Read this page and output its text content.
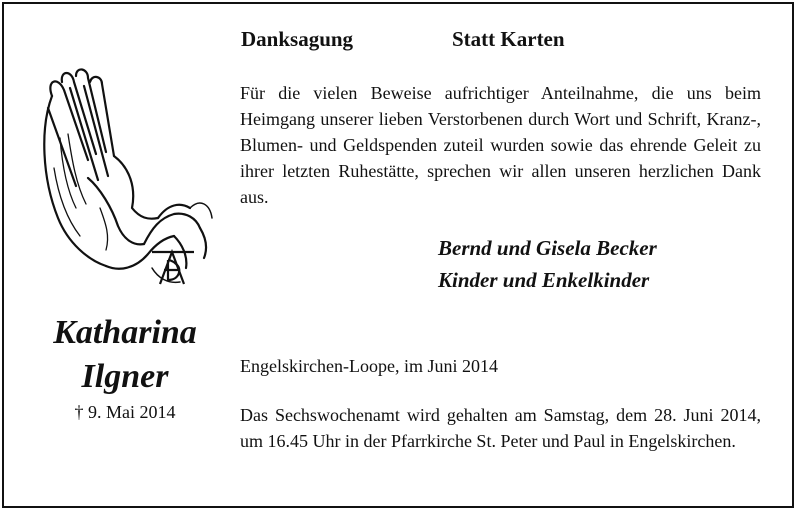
AD
Katharina
Ilgner
† 9. Mai 2014
Danksagung	Statt Karten
Für die vielen Beweise aufrichtiger Anteilnahme, die uns beim Heimgang unserer lieben Verstorbenen durch Wort und Schrift, Kranz-, Blumen- und Geldspenden zuteil wurden sowie das ehrende Geleit zu ihrer letzten Ruhestätte, sprechen wir allen unseren herzlichen Dank aus.
Bernd und Gisela Becker
Kinder und Enkelkinder
Engelskirchen-Loope, im Juni 2014
Das Sechswochenamt wird gehalten am Samstag, dem 28. Juni 2014, um 16.45 Uhr in der Pfarrkirche St. Peter und Paul in Engelskirchen.
